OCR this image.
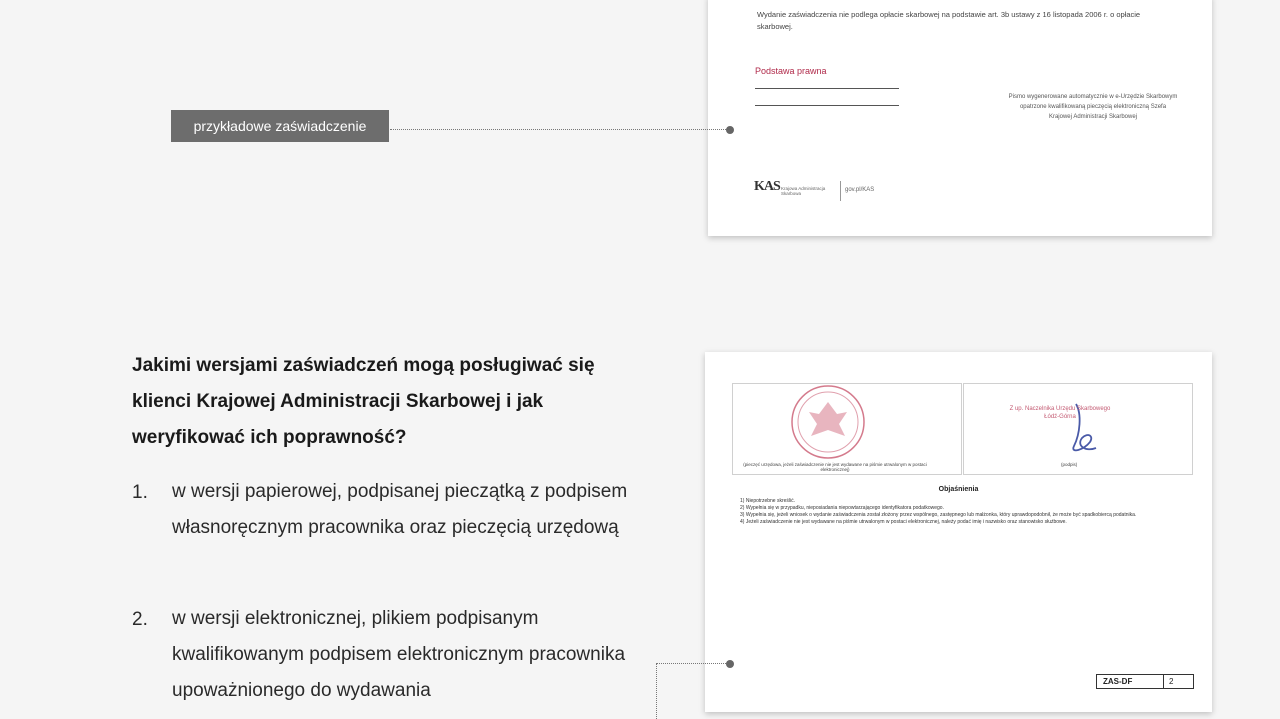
Wydanie zaświadczenia nie podlega opłacie skarbowej na podstawie art. 3b ustawy z 16 listopada 2006 r. o opłacie skarbowej.
Podstawa prawna
Pismo wygenerowane automatycznie w e-Urzędzie Skarbowym opatrzone kwalifikowaną pieczęcią elektroniczną Szefa Krajowej Administracji Skarbowej
KAS Krajowa Administracja Skarbowa
gov.pl/KAS
przykładowe zaświadczenie
Jakimi wersjami zaświadczeń mogą posługiwać się klienci Krajowej Administracji Skarbowej i jak weryfikować ich poprawność?
1. w wersji papierowej, podpisanej pieczątką z podpisem własnoręcznym pracownika oraz pieczęcią urzędową
2. w wersji elektronicznej, plikiem podpisanym kwalifikowanym podpisem elektronicznym pracownika upoważnionego do wydawania
Z up. Naczelnika Urzędu Skarbowego Łódź-Górna
(pieczęć urzędowa, jeżeli zaświadczenie nie jest wydawane na piśmie utrwalonym w postaci elektronicznej)
(podpis)
Objaśnienia
1) Niepotrzebne skreślić.
2) Wypełnia się w przypadku, nieposiadania niepowtarzającego identyfikatora podatkowego.
3) Wypełnia się, jeżeli wniosek o wydanie zaświadczenia został złożony przez wspólnego, zastępnego lub małżonka, który uprawdopodobnił, że może być spadkobiercą podatnika.
4) Jeżeli zaświadczenie nie jest wydawane na piśmie utrwalonym w postaci elektronicznej, należy podać imię i nazwisko oraz stanowisko służbowe.
ZAS-DF	2
